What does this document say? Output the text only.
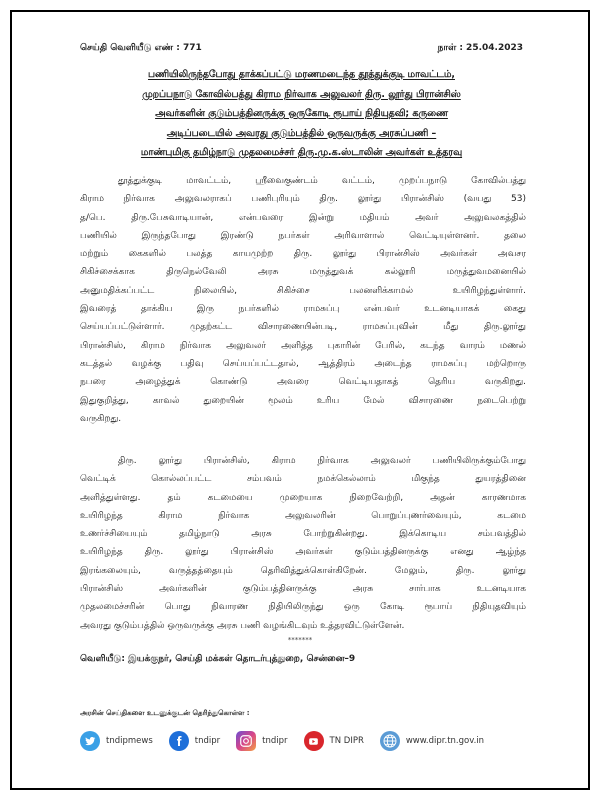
செய்தி வெளியீடு எண் : 771	நாள் : 25.04.2023
பணியிலிருந்தபோது தாக்கப்பட்டு மரணமடைந்த தூத்துக்குடி மாவட்டம்,
முறப்பநாடு கோவில்பத்து கிராம நிர்வாக அலுவலர் திரு. லூர்து பிரான்சிஸ்
அவர்களின் குடும்பத்தினருக்கு ஒருகோடி ரூபாய் நிதியுதவி; கருணை
அடிப்படையில் அவரது குடும்பத்தில் ஒருவருக்கு அரசுப்பணி –
மாண்புமிகு தமிழ்நாடு முதலமைச்சர் திரு.மு.க.ஸ்டாலின் அவர்கள் உத்தரவு
தூத்துக்குடி மாவட்டம், ஸ்ரீவைகுண்டம் வட்டம், முறப்பநாடு கோவில்பத்து
கிராம நிர்வாக அலுவலராகப் பணிபுரியும் திரு. லூர்து பிரான்சிஸ் (வயது 53)
த/பெ. திரு.பேசுவாடியான், என்பவரை இன்று மதியம் அவர் அலுவலகத்தில்
பணியில் இருந்தபோது இரண்டு நபர்கள் அரிவாளால் வெட்டியுள்ளனர். தலை
மற்றும் கைகளில் பலத்த காயமுற்ற திரு. லூர்து பிரான்சிஸ் அவர்கள் அவசர
சிகிச்சைக்காக திருநெல்வேலி அரசு மருத்துவக் கல்லூரி மருத்துவமனையில்
அனுமதிக்கப்பட்ட நிலையில், சிகிச்சை பலனளிக்காமல் உயிரிழந்துள்ளார்.
இவரைத் தாக்கிய இரு நபர்களில் ராமசுப்பு என்பவர் உடனடியாகக் கைது
செய்யப்பட்டுள்ளார். முதற்கட்ட விசாரணையின்படி, ராமசுப்புவின் மீது திரு.லூர்து
பிரான்சிஸ், கிராம நிர்வாக அலுவலர் அளித்த புகாரின் பேரில், கடந்த வாரம் மணல்
கடத்தல் வழக்கு பதிவு செய்யப்பட்டதால், ஆத்திரம் அடைந்த ராமசுப்பு மற்றொரு
நபரை அழைத்துக் கொண்டு அவரை வெட்டியதாகத் தெரிய வருகிறது.
இதுகுறித்து, காவல் துறையின் மூலம் உரிய மேல் விசாரணை நடைபெற்று
வருகிறது.
திரு. லூர்து பிரான்சிஸ், கிராம நிர்வாக அலுவலர் பணியிலிருக்கும்போது
வெட்டிக் கொல்லப்பட்ட சம்பவம் நமக்கெல்லாம் மிகுந்த துயரத்தினை
அளித்துள்ளது. தம் கடமையை முறையாக நிறைவேற்றி, அதன் காரணமாக
உயிரிழந்த கிராம நிர்வாக அலுவலரின் பொறுப்புணர்வையும், கடமை
உணர்ச்சியையும் தமிழ்நாடு அரசு போற்றுகின்றது. இக்கொடிய சம்பவத்தில்
உயிரிழந்த திரு. லூர்து பிரான்சிஸ் அவர்கள் குடும்பத்தினருக்கு எனது ஆழ்ந்த
இரங்கலையும், வருத்தத்தையும் தெரிவித்துக்கொள்கிறேன். மேலும், திரு. லூர்து
பிரான்சிஸ் அவர்களின் குடும்பத்தினருக்கு அரசு சார்பாக உடனடியாக
முதலமைச்சரின் பொது நிவாரண நிதியிலிருந்து ஒரு கோடி ரூபாய் நிதியுதவியும்
அவரது குடும்பத்தில் ஒருவருக்கு அரசு பணி வழங்கிடவும் உத்தரவிட்டுள்ளேன்.
*******
வெளியீடு: இயக்குநர், செய்தி மக்கள் தொடர்புத்துறை, சென்னை–9
அரசின் செய்திகளை உடனுக்குடன் தெரிந்துகொள்ள :
tndipmews	tndipr	tndipr	TN DIPR	www.dipr.tn.gov.in
